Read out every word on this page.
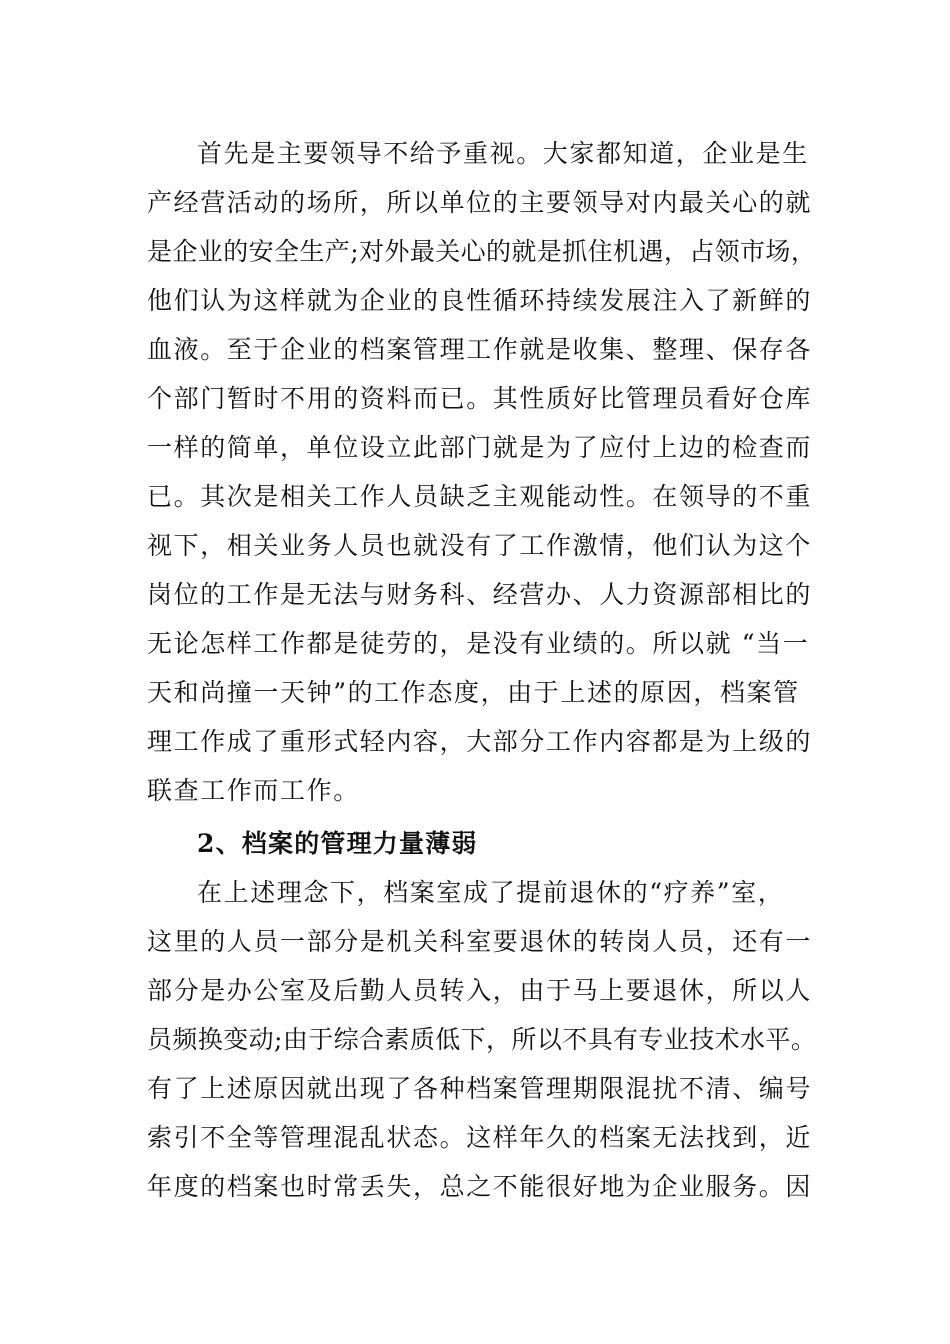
首先是主要领导不给予重视。大家都知道，企业是生
产经营活动的场所，所以单位的主要领导对内最关心的就
是企业的安全生产;对外最关心的就是抓住机遇，占领市场，
他们认为这样就为企业的良性循环持续发展注入了新鲜的
血液。至于企业的档案管理工作就是收集、整理、保存各
个部门暂时不用的资料而已。其性质好比管理员看好仓库
一样的简单，单位设立此部门就是为了应付上边的检查而
已。其次是相关工作人员缺乏主观能动性。在领导的不重
视下，相关业务人员也就没有了工作激情，他们认为这个
岗位的工作是无法与财务科、经营办、人力资源部相比的
无论怎样工作都是徒劳的，是没有业绩的。所以就 “当一
天和尚撞一天钟”的工作态度，由于上述的原因，档案管
理工作成了重形式轻内容，大部分工作内容都是为上级的
联查工作而工作。
2、档案的管理力量薄弱
在上述理念下，档案室成了提前退休的“疗养”室，
这里的人员一部分是机关科室要退休的转岗人员，还有一
部分是办公室及后勤人员转入，由于马上要退休，所以人
员频换变动;由于综合素质低下，所以不具有专业技术水平。
有了上述原因就出现了各种档案管理期限混扰不清、编号
索引不全等管理混乱状态。这样年久的档案无法找到，近
年度的档案也时常丢失，总之不能很好地为企业服务。因
